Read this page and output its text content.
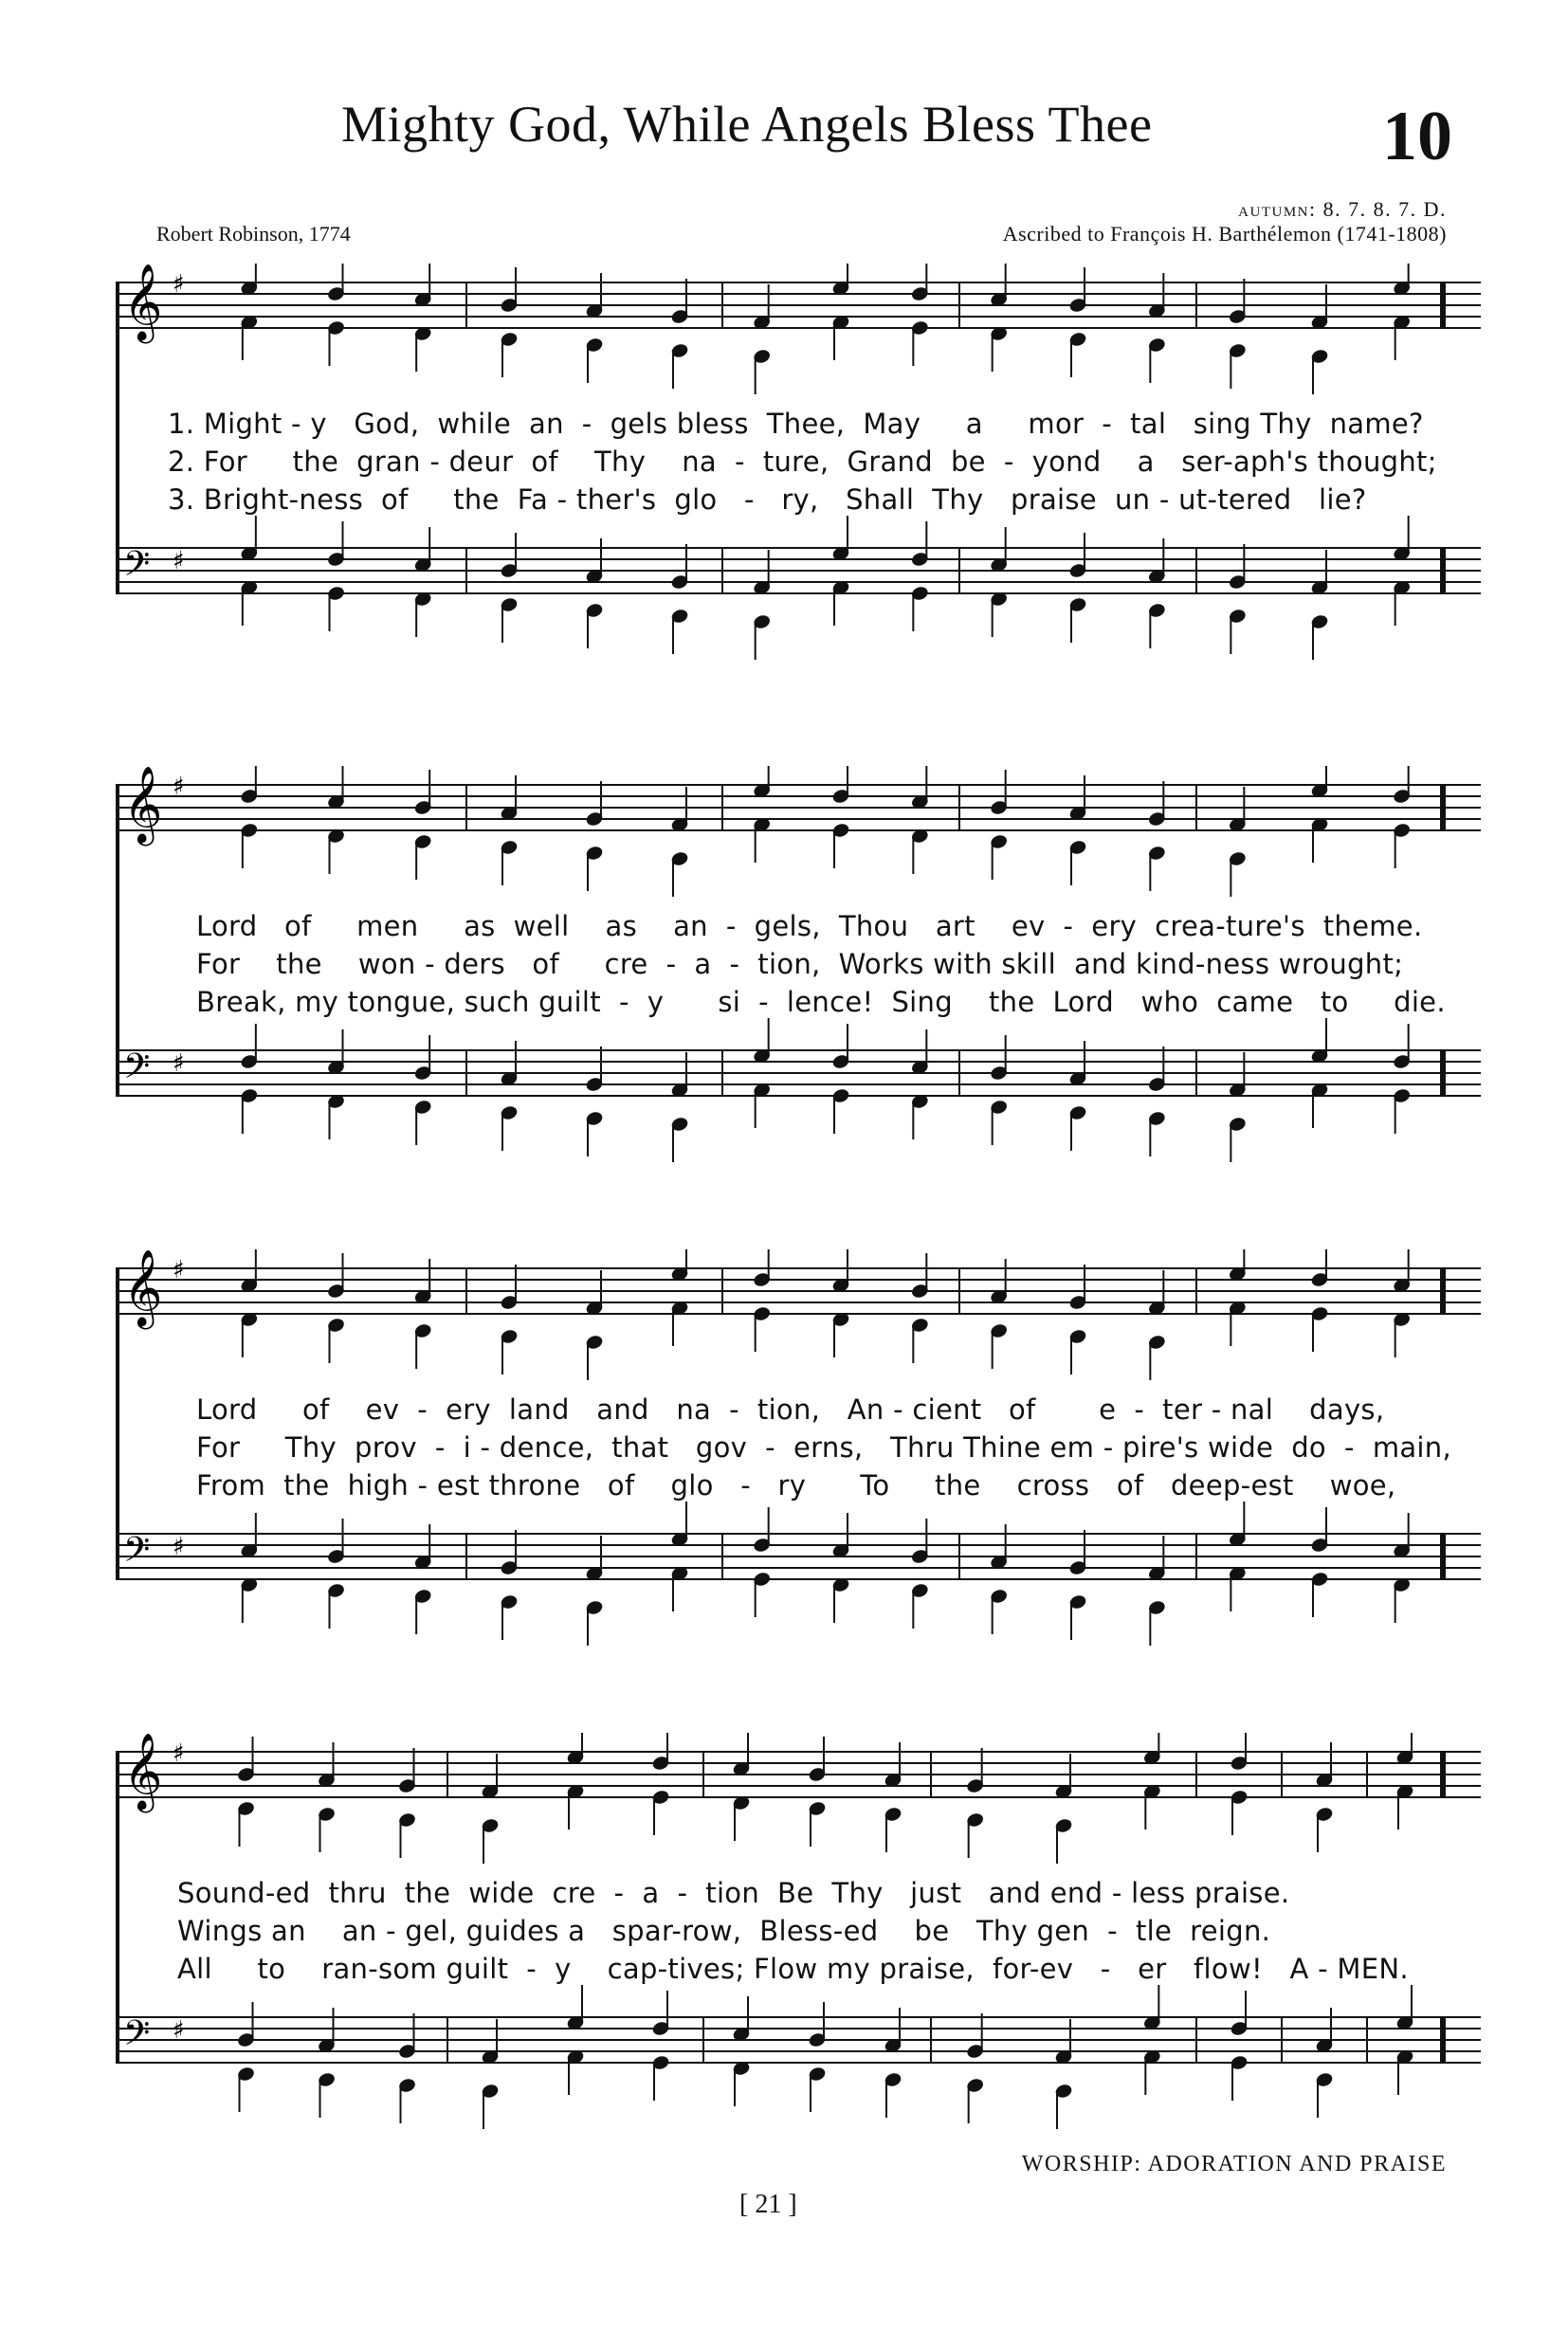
Mighty God, While Angels Bless Thee	10
autumn: 8. 7. 8. 7. D.
Robert Robinson, 1774	Ascribed to François H. Barthélemon (1741-1808)
𝄞 ♯
𝄢 ♯
1. Might - y   God,  while  an  -  gels bless  Thee,  May     a     mor  -  tal   sing Thy  name?
2. For     the  gran - deur  of    Thy    na  -  ture,  Grand  be  -  yond    a   ser-aph's thought;
3. Bright-ness  of     the  Fa - ther's  glo   -   ry,   Shall  Thy   praise  un - ut-tered   lie?
𝄞 ♯
𝄢 ♯
Lord   of     men     as  well    as    an  -  gels,  Thou   art    ev  -  ery  crea-ture's  theme.
For    the    won - ders   of     cre  -  a  -  tion,  Works with skill  and kind-ness wrought;
Break, my tongue, such guilt  -  y      si  -  lence!  Sing    the  Lord   who  came   to     die.
𝄞 ♯
𝄢 ♯
Lord     of    ev  -  ery  land   and   na  -  tion,   An - cient   of       e  -  ter - nal    days,
For     Thy  prov  -  i - dence,  that   gov  -  erns,   Thru Thine em - pire's wide  do  -  main,
From  the  high - est throne   of    glo   -   ry      To     the    cross   of   deep-est    woe,
𝄞 ♯
𝄢 ♯
Sound-ed  thru  the  wide  cre  -  a  -  tion  Be  Thy   just   and end - less praise.
Wings an    an - gel, guides a   spar-row,  Bless-ed    be   Thy gen  -  tle  reign.
All     to    ran-som guilt  -  y    cap-tives; Flow my praise,  for-ev   -   er   flow!   A - MEN.
WORSHIP: ADORATION AND PRAISE
[ 21 ]
